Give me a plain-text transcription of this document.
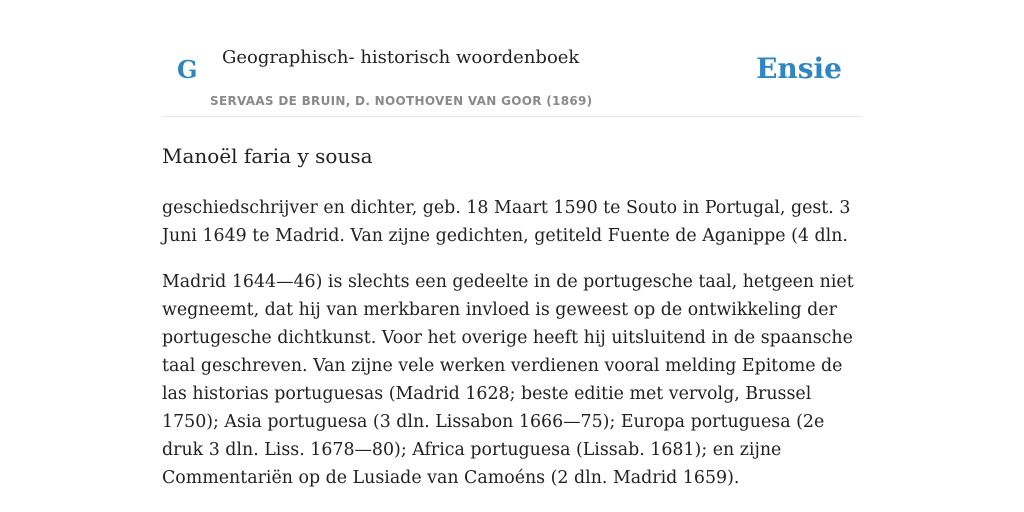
G Geographisch- historisch woordenboek
SERVAAS DE BRUIN, D. NOOTHOVEN VAN GOOR (1869)
Ensie
Manoël faria y sousa

geschiedschrijver en dichter, geb. 18 Maart 1590 te Souto in Portugal, gest. 3 Juni 1649 te Madrid. Van zijne gedichten, getiteld Fuente de Aganippe (4 dln.

Madrid 1644—46) is slechts een gedeelte in de portugesche taal, hetgeen niet wegneemt, dat hij van merkbaren invloed is geweest op de ontwikkeling der portugesche dichtkunst. Voor het overige heeft hij uitsluitend in de spaansche taal geschreven. Van zijne vele werken verdienen vooral melding Epitome de las historias portuguesas (Madrid 1628; beste editie met vervolg, Brussel 1750); Asia portuguesa (3 dln. Lissabon 1666—75); Europa portuguesa (2e druk 3 dln. Liss. 1678—80); Africa portuguesa (Lissab. 1681); en zijne Commentariën op de Lusiade van Camoéns (2 dln. Madrid 1659).
